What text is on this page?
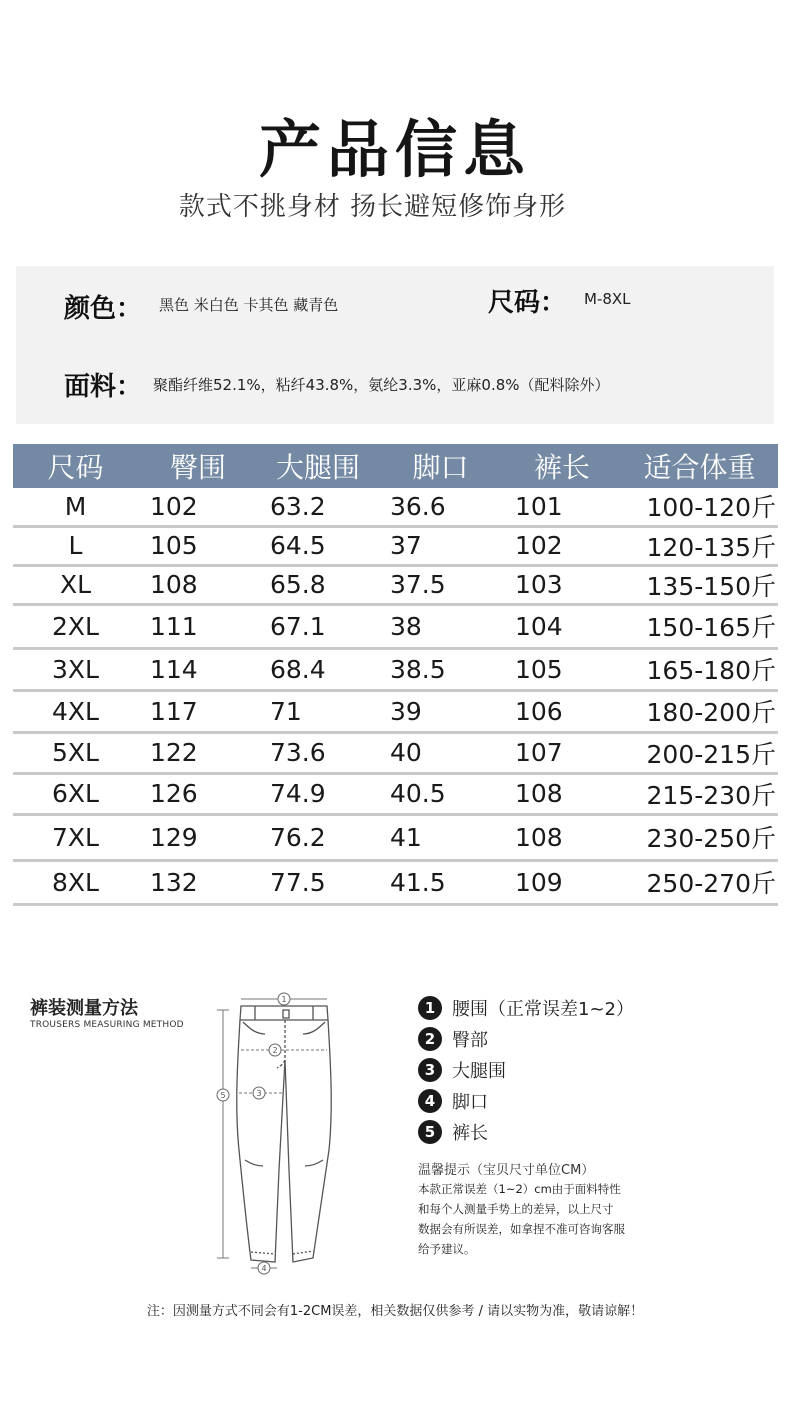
产品信息
款式不挑身材 扬长避短修饰身形
颜色： 黑色 米白色 卡其色 藏青色	尺码： M-8XL
面料： 聚酯纤维52.1%，粘纤43.8%，氨纶3.3%，亚麻0.8%（配料除外）
尺码	臀围	大腿围	脚口	裤长	适合体重
M	102	63.2	36.6	101	100-120斤
L	105	64.5	37	102	120-135斤
XL	108	65.8	37.5	103	135-150斤
2XL	111	67.1	38	104	150-165斤
3XL	114	68.4	38.5	105	165-180斤
4XL	117	71	39	106	180-200斤
5XL	122	73.6	40	107	200-215斤
6XL	126	74.9	40.5	108	215-230斤
7XL	129	76.2	41	108	230-250斤
8XL	132	77.5	41.5	109	250-270斤
裤装测量方法
TROUSERS MEASURING METHOD
1
2
3
4
5
1 腰围（正常误差1~2）
2 臀部
3 大腿围
4 脚口
5 裤长
温馨提示（宝贝尺寸单位CM）
本款正常误差（1~2）cm由于面料特性
和每个人测量手势上的差异，以上尺寸
数据会有所误差，如拿捏不准可咨询客服
给予建议。
注：因测量方式不同会有1-2CM误差，相关数据仅供参考 / 请以实物为准，敬请谅解！
